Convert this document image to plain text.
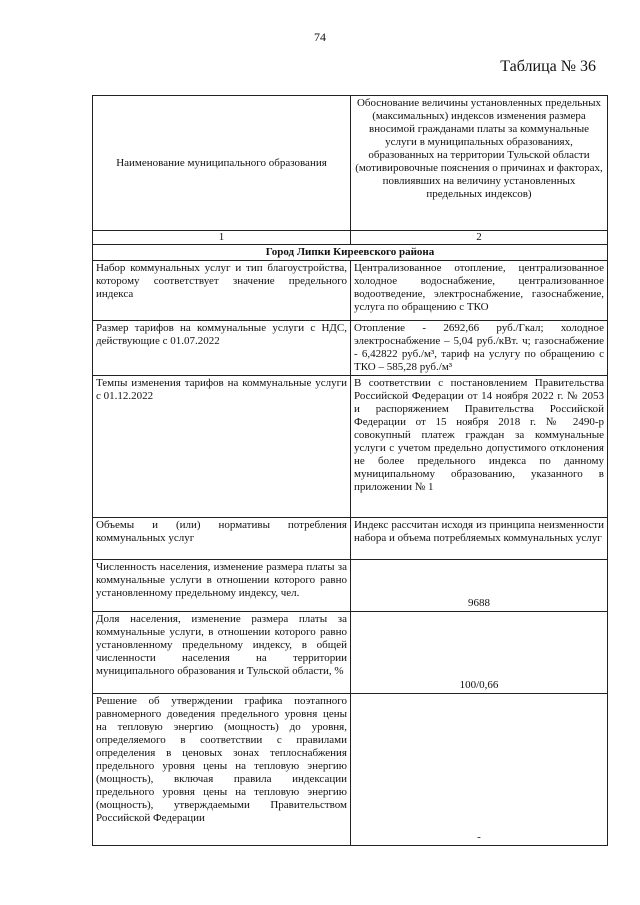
74
Таблица № 36
Наименование муниципального образования	Обоснование величины установленных предельных (максимальных) индексов изменения размера вносимой гражданами платы за коммунальные услуги в муниципальных образованиях, образованных на территории Тульской области (мотивировочные пояснения о причинах и факторах, повлиявших на величину установленных предельных индексов)
1	2
Город Липки Киреевского района	
Набор коммунальных услуг и тип благоустройства, которому соответствует значение предельного индекса	Централизованное отопление, централизованное холодное водоснабжение, централизованное водоотведение, электроснабжение, газоснабжение, услуга по обращению с ТКО
Размер тарифов на коммунальные услуги с НДС, действующие с 01.07.2022	Отопление - 2692,66 руб./Гкал; холодное электроснабжение – 5,04 руб./кВт. ч; газоснабжение - 6,42822 руб./м³, тариф на услугу по обращению с ТКО – 585,28 руб./м³
Темпы изменения тарифов на коммунальные услуги с 01.12.2022	В соответствии с постановлением Правительства Российской Федерации от 14 ноября 2022 г. № 2053 и распоряжением Правительства Российской Федерации от 15 ноября 2018 г. № 2490-р совокупный платеж граждан за коммунальные услуги с учетом предельно допустимого отклонения не более предельного индекса по данному муниципальному образованию, указанного в приложении № 1
Объемы и (или) нормативы потребления коммунальных услуг	Индекс рассчитан исходя из принципа неизменности набора и объема потребляемых коммунальных услуг
Численность населения, изменение размера платы за коммунальные услуги в отношении которого равно установленному предельному индексу, чел.	9688
Доля населения, изменение размера платы за коммунальные услуги, в отношении которого равно установленному предельному индексу, в общей численности населения на территории муниципального образования и Тульской области, %	100/0,66
Решение об утверждении графика поэтапного равномерного доведения предельного уровня цены на тепловую энергию (мощность) до уровня, определяемого в соответствии с правилами определения в ценовых зонах теплоснабжения предельного уровня цены на тепловую энергию (мощность), включая правила индексации предельного уровня цены на тепловую энергию (мощность), утверждаемыми Правительством Российской Федерации	-
